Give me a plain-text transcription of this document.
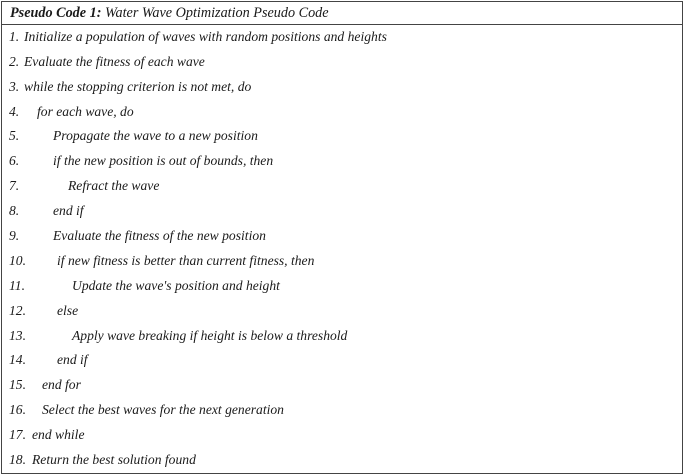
Pseudo Code 1: Water Wave Optimization Pseudo Code
1. Initialize a population of waves with random positions and heights
2. Evaluate the fitness of each wave
3. while the stopping criterion is not met, do
4. for each wave, do
5. Propagate the wave to a new position
6. if the new position is out of bounds, then
7.	Refract the wave
8. end if
9. Evaluate the fitness of the new position
10. if new fitness is better than current fitness, then
11.	Update the wave's position and height
12. else
13.	Apply wave breaking if height is below a threshold
14. end if
15. end for
16. Select the best waves for the next generation
17. end while
18. Return the best solution found
